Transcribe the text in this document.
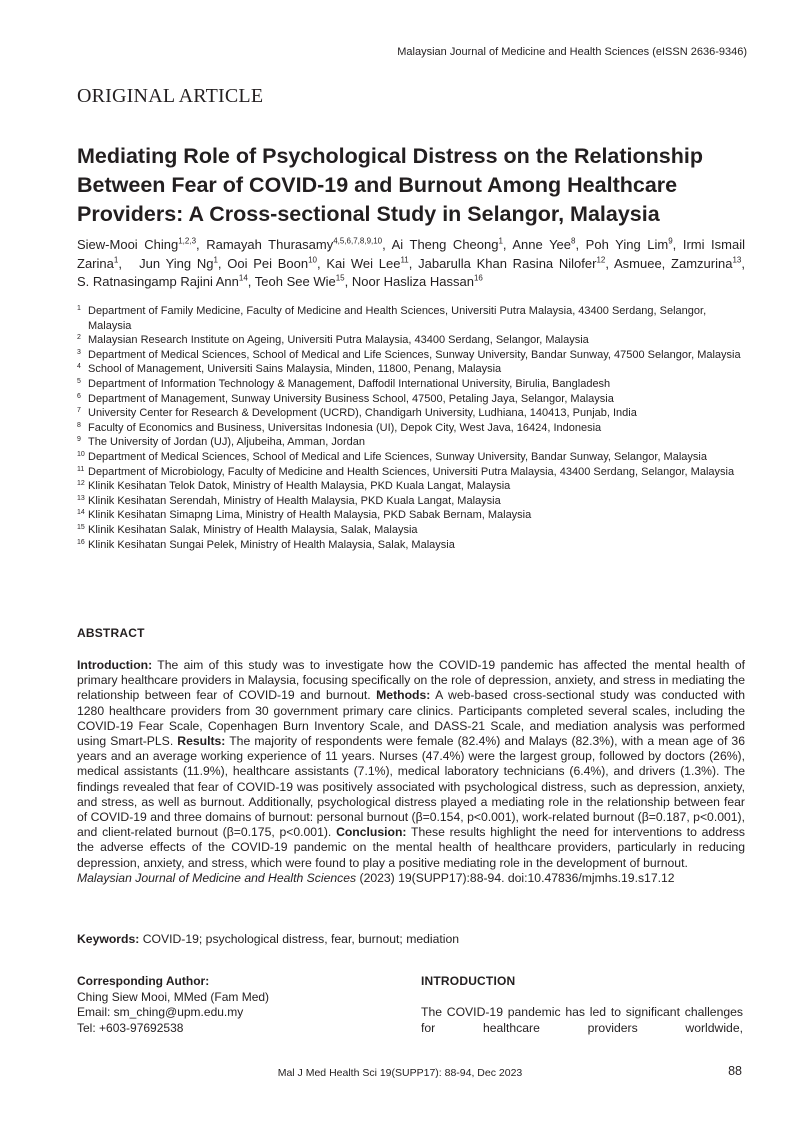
Malaysian Journal of Medicine and Health Sciences (eISSN 2636-9346)
ORIGINAL ARTICLE
Mediating Role of Psychological Distress on the Relationship Between Fear of COVID-19 and Burnout Among Healthcare Providers: A Cross-sectional Study in Selangor, Malaysia

Siew-Mooi Ching$^{1,2,3}$, Ramayah Thurasamy$^{4,5,6,7,8,9,10}$, Ai Theng Cheong$^1$, Anne Yee$^8$, Poh Ying Lim$^9$, Irmi Ismail Zarina$^1$,   Jun Ying Ng$^1$, Ooi Pei Boon$^{10}$, Kai Wei Lee$^{11}$, Jabarulla Khan Rasina Nilofer$^{12}$, Asmuee, Zamzurina$^{13}$, S. Ratnasingamp Rajini Ann$^{14}$, Teoh See Wie$^{15}$, Noor Hasliza Hassan$^{16}$

1 Department of Family Medicine, Faculty of Medicine and Health Sciences, Universiti Putra Malaysia, 43400 Serdang, Selangor, Malaysia
2 Malaysian Research Institute on Ageing, Universiti Putra Malaysia, 43400 Serdang, Selangor, Malaysia
3 Department of Medical Sciences, School of Medical and Life Sciences, Sunway University, Bandar Sunway, 47500 Selangor, Malaysia
4 School of Management, Universiti Sains Malaysia, Minden, 11800, Penang, Malaysia
5 Department of Information Technology & Management, Daffodil International University, Birulia, Bangladesh
6 Department of Management, Sunway University Business School, 47500, Petaling Jaya, Selangor, Malaysia
7 University Center for Research & Development (UCRD), Chandigarh University, Ludhiana, 140413, Punjab, India
8 Faculty of Economics and Business, Universitas Indonesia (UI), Depok City, West Java, 16424, Indonesia
9 The University of Jordan (UJ), Aljubeiha, Amman, Jordan
10 Department of Medical Sciences, School of Medical and Life Sciences, Sunway University, Bandar Sunway, Selangor, Malaysia
11 Department of Microbiology, Faculty of Medicine and Health Sciences, Universiti Putra Malaysia, 43400 Serdang, Selangor, Malaysia
12 Klinik Kesihatan Telok Datok, Ministry of Health Malaysia, PKD Kuala Langat, Malaysia
13 Klinik Kesihatan Serendah, Ministry of Health Malaysia, PKD Kuala Langat, Malaysia
14 Klinik Kesihatan Simapng Lima, Ministry of Health Malaysia, PKD Sabak Bernam, Malaysia
15 Klinik Kesihatan Salak, Ministry of Health Malaysia, Salak, Malaysia
16 Klinik Kesihatan Sungai Pelek, Ministry of Health Malaysia, Salak, Malaysia
ABSTRACT

Introduction: The aim of this study was to investigate how the COVID-19 pandemic has affected the mental health of primary healthcare providers in Malaysia, focusing specifically on the role of depression, anxiety, and stress in mediating the relationship between fear of COVID-19 and burnout. Methods: A web-based cross-sectional study was conducted with 1280 healthcare providers from 30 government primary care clinics. Participants completed several scales, including the COVID-19 Fear Scale, Copenhagen Burn Inventory Scale, and DASS-21 Scale, and mediation analysis was performed using Smart-PLS. Results: The majority of respondents were female (82.4%) and Malays (82.3%), with a mean age of 36 years and an average working experience of 11 years. Nurses (47.4%) were the largest group, followed by doctors (26%), medical assistants (11.9%), healthcare assistants (7.1%), medical laboratory technicians (6.4%), and drivers (1.3%). The findings revealed that fear of COVID-19 was positively associated with psychological distress, such as depression, anxiety, and stress, as well as burnout. Additionally, psychological distress played a mediating role in the relationship between fear of COVID-19 and three domains of burnout: personal burnout (β=0.154, p<0.001), work-related burnout (β=0.187, p<0.001), and client-related burnout (β=0.175, p<0.001). Conclusion: These results highlight the need for interventions to address the adverse effects of the COVID-19 pandemic on the mental health of healthcare providers, particularly in reducing depression, anxiety, and stress, which were found to play a positive mediating role in the development of burnout.

Malaysian Journal of Medicine and Health Sciences (2023) 19(SUPP17):88-94. doi:10.47836/mjmhs.19.s17.12

Keywords: COVID-19; psychological distress, fear, burnout; mediation
Corresponding Author:
Ching Siew Mooi, MMed (Fam Med)
Email: sm_ching@upm.edu.my
Tel: +603-97692538
INTRODUCTION

The COVID-19 pandemic has led to significant challenges for healthcare providers worldwide,

Mal J Med Health Sci 19(SUPP17): 88-94, Dec 2023	88
